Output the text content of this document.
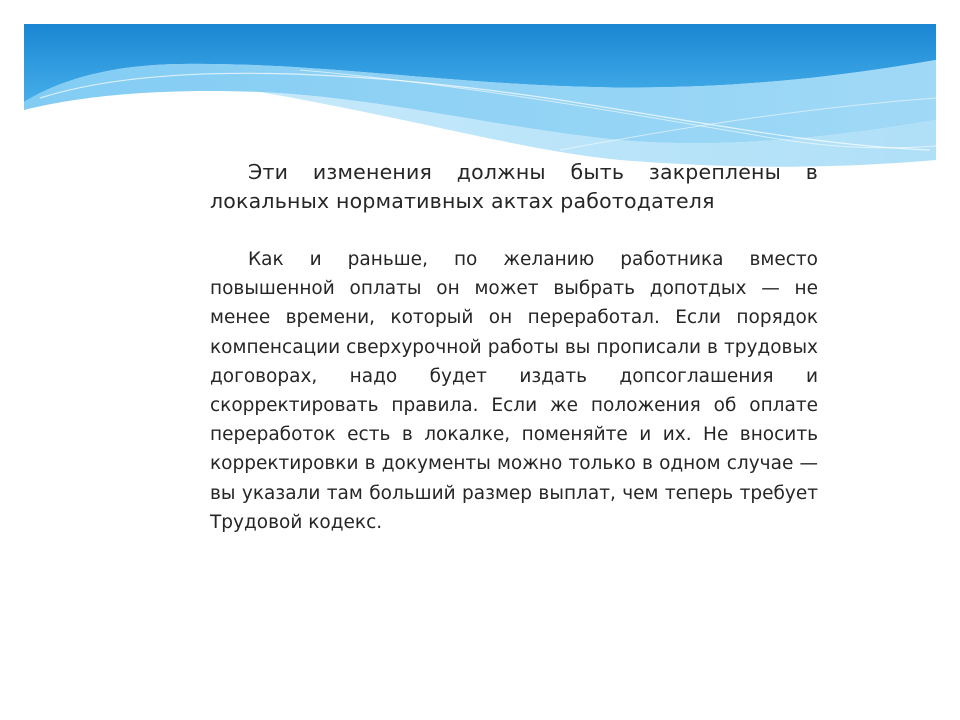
Эти изменения должны быть закреплены в локальных нормативных актах работодателя

Как и раньше, по желанию работника вместо повышенной оплаты он может выбрать допотдых — не менее времени, который он переработал. Если порядок компенсации сверхурочной работы вы прописали в трудовых договорах, надо будет издать допсоглашения и скорректировать правила. Если же положения об оплате переработок есть в локалке, поменяйте и их. Не вносить корректировки в документы можно только в одном случае — вы указали там больший размер выплат, чем теперь требует Трудовой кодекс.
